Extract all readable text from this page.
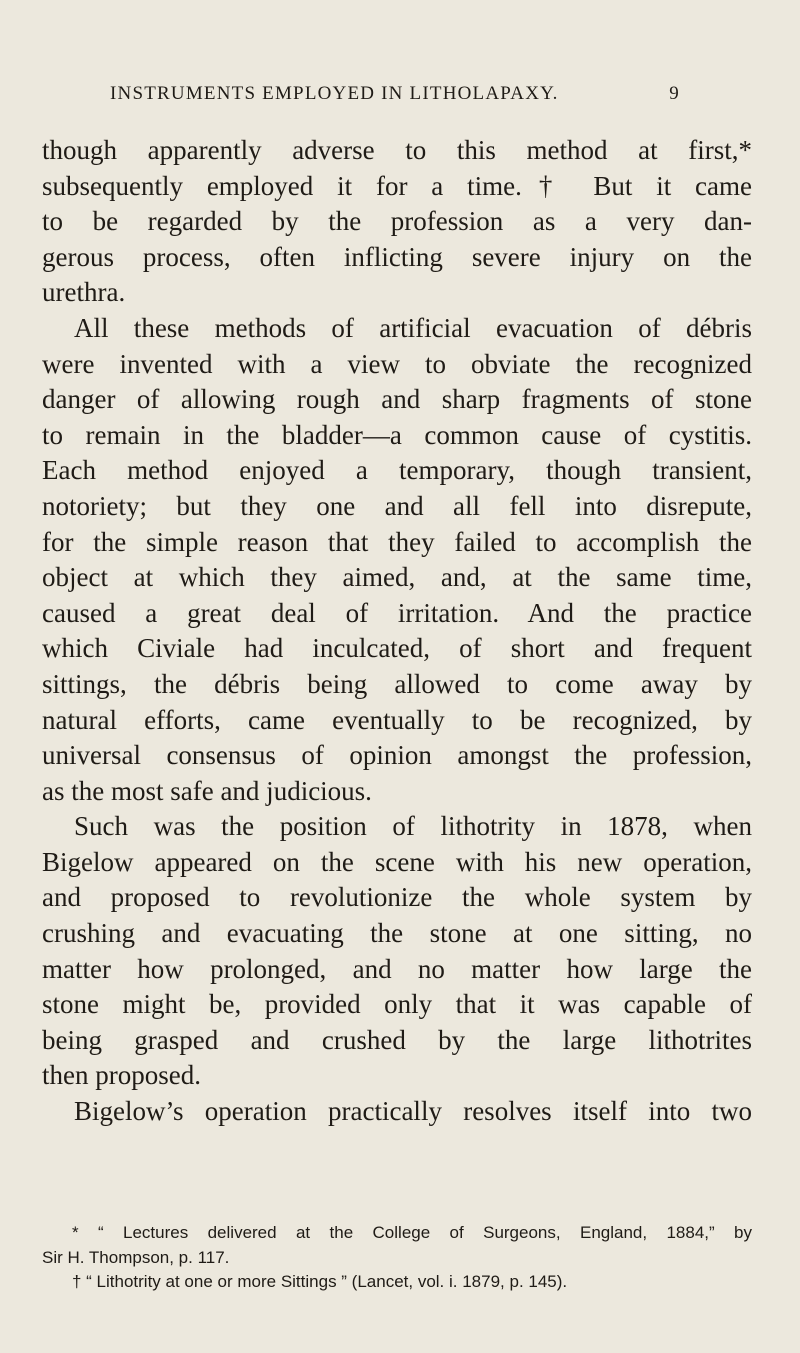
INSTRUMENTS EMPLOYED IN LITHOLAPAXY.	9
though apparently adverse to this method at first,*
subsequently employed it for a time.† But it came
to be regarded by the profession as a very dan-
gerous process, often inflicting severe injury on the
urethra.
All these methods of artificial evacuation of débris
were invented with a view to obviate the recognized
danger of allowing rough and sharp fragments of stone
to remain in the bladder—a common cause of cystitis.
Each method enjoyed a temporary, though transient,
notoriety; but they one and all fell into disrepute,
for the simple reason that they failed to accomplish the
object at which they aimed, and, at the same time,
caused a great deal of irritation. And the practice
which Civiale had inculcated, of short and frequent
sittings, the débris being allowed to come away by
natural efforts, came eventually to be recognized, by
universal consensus of opinion amongst the profession,
as the most safe and judicious.
Such was the position of lithotrity in 1878, when
Bigelow appeared on the scene with his new operation,
and proposed to revolutionize the whole system by
crushing and evacuating the stone at one sitting, no
matter how prolonged, and no matter how large the
stone might be, provided only that it was capable of
being grasped and crushed by the large lithotrites
then proposed.
Bigelow’s operation practically resolves itself into two
* “ Lectures delivered at the College of Surgeons, England, 1884,” by
Sir H. Thompson, p. 117.
† “ Lithotrity at one or more Sittings ” (Lancet, vol. i. 1879, p. 145).
